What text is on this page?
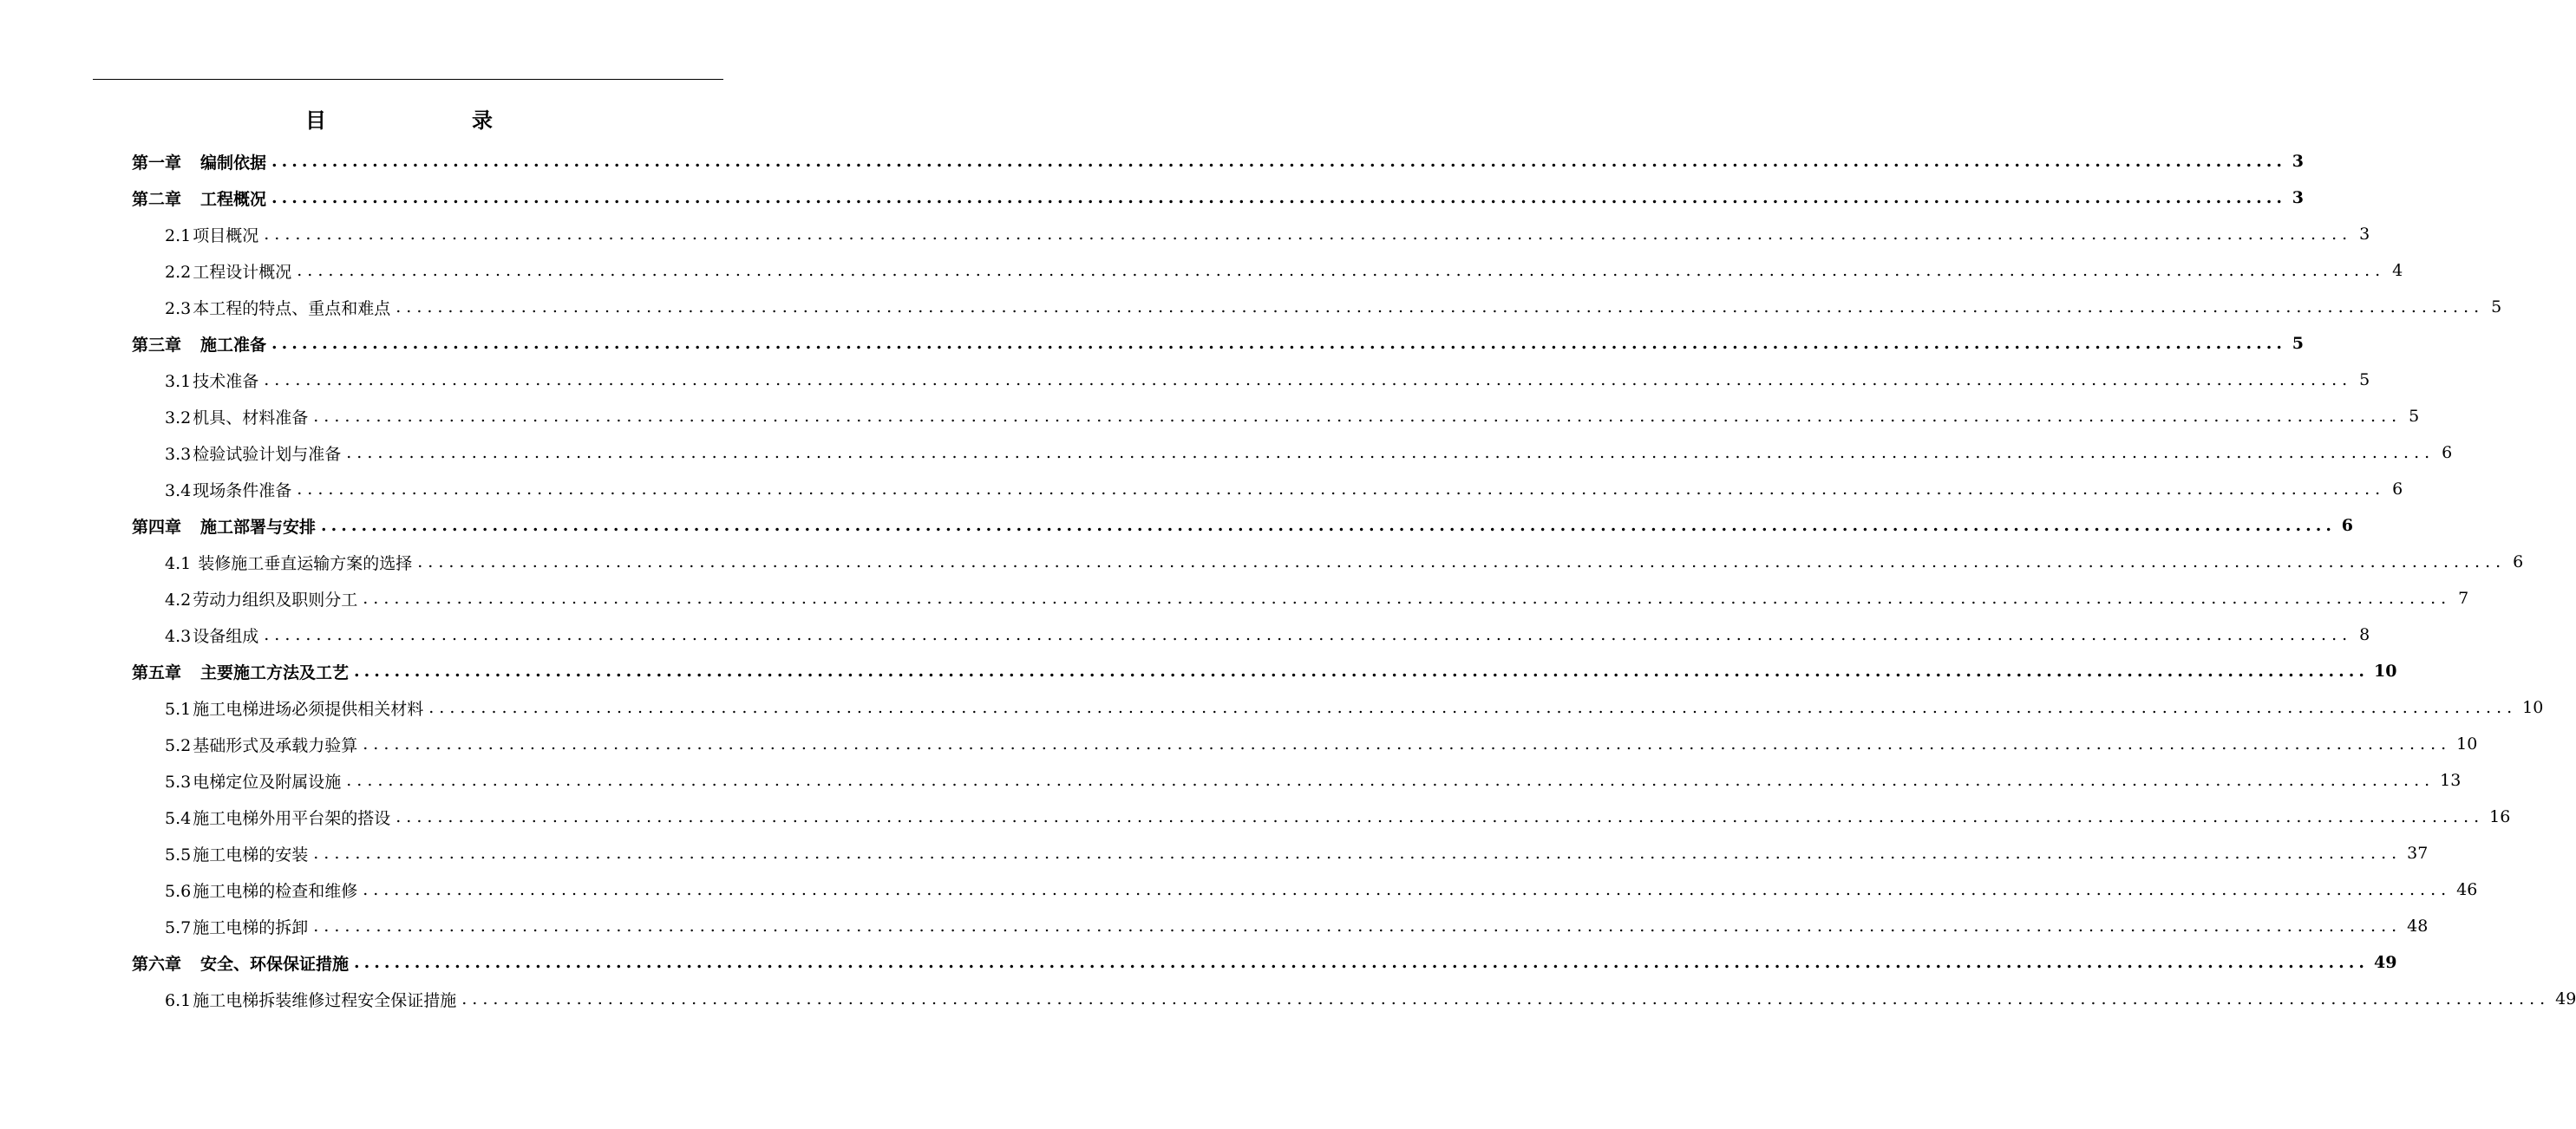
目　　录
第一章 编制依据 ........................................................................................................................................................................................................ 3
第二章 工程概况 ........................................................................................................................................................................................................ 3
2.1 项目概况 ........................................................................................................................................................................................................ 3
2.2 工程设计概况 ........................................................................................................................................................................................................ 4
2.3 本工程的特点、重点和难点 ........................................................................................................................................................................................................ 5
第三章 施工准备 ........................................................................................................................................................................................................ 5
3.1 技术准备 ........................................................................................................................................................................................................ 5
3.2 机具、材料准备 ........................................................................................................................................................................................................ 5
3.3 检验试验计划与准备 ........................................................................................................................................................................................................ 6
3.4 现场条件准备 ........................................................................................................................................................................................................ 6
第四章 施工部署与安排 ........................................................................................................................................................................................................ 6
4.1 装修施工垂直运输方案的选择 ........................................................................................................................................................................................................ 6
4.2 劳动力组织及职则分工 ........................................................................................................................................................................................................ 7
4.3 设备组成 ........................................................................................................................................................................................................ 8
第五章 主要施工方法及工艺 ........................................................................................................................................................................................................ 10
5.1 施工电梯进场必须提供相关材料 ........................................................................................................................................................................................................ 10
5.2 基础形式及承载力验算 ........................................................................................................................................................................................................ 10
5.3 电梯定位及附属设施 ........................................................................................................................................................................................................ 13
5.4 施工电梯外用平台架的搭设 ........................................................................................................................................................................................................ 16
5.5 施工电梯的安装 ........................................................................................................................................................................................................ 37
5.6 施工电梯的检查和维修 ........................................................................................................................................................................................................ 46
5.7 施工电梯的拆卸 ........................................................................................................................................................................................................ 48
第六章 安全、环保保证措施 ........................................................................................................................................................................................................ 49
6.1 施工电梯拆装维修过程安全保证措施 ........................................................................................................................................................................................................ 49
